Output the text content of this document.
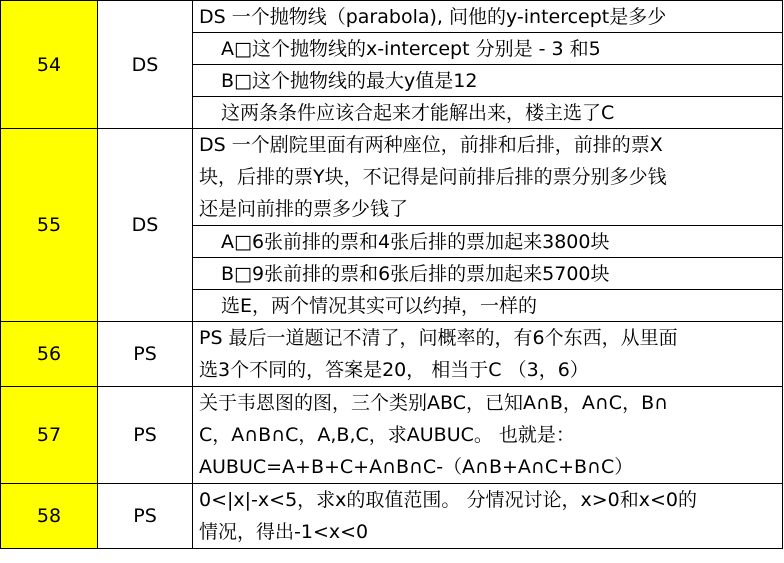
54	DS	DS 一个抛物线（parabola), 问他的y-intercept是多少
		A□这个抛物线的x-intercept 分别是 - 3 和5
		B□这个抛物线的最大y值是12
		这两条条件应该合起来才能解出来，楼主选了C
55	DS	DS 一个剧院里面有两种座位，前排和后排，前排的票X
块，后排的票Y块，不记得是问前排后排的票分别多少钱
还是问前排的票多少钱了

		A□6张前排的票和4张后排的票加起来3800块
		B□9张前排的票和6张后排的票加起来5700块
		选E，两个情况其实可以约掉，一样的
56	PS	PS 最后一道题记不清了，问概率的，有6个东西，从里面
选3个不同的，答案是20， 相当于C （3，6）

57	PS	关于韦恩图的图，三个类别ABC，已知A∩B，A∩C，B∩
C，A∩B∩C，A,B,C，求AUBUC。 也就是：
AUBUC=A+B+C+A∩B∩C-（A∩B+A∩C+B∩C）

58	PS	0<|x|-x<5，求x的取值范围。 分情况讨论，x>0和x<0的
情况，得出-1<x<0
